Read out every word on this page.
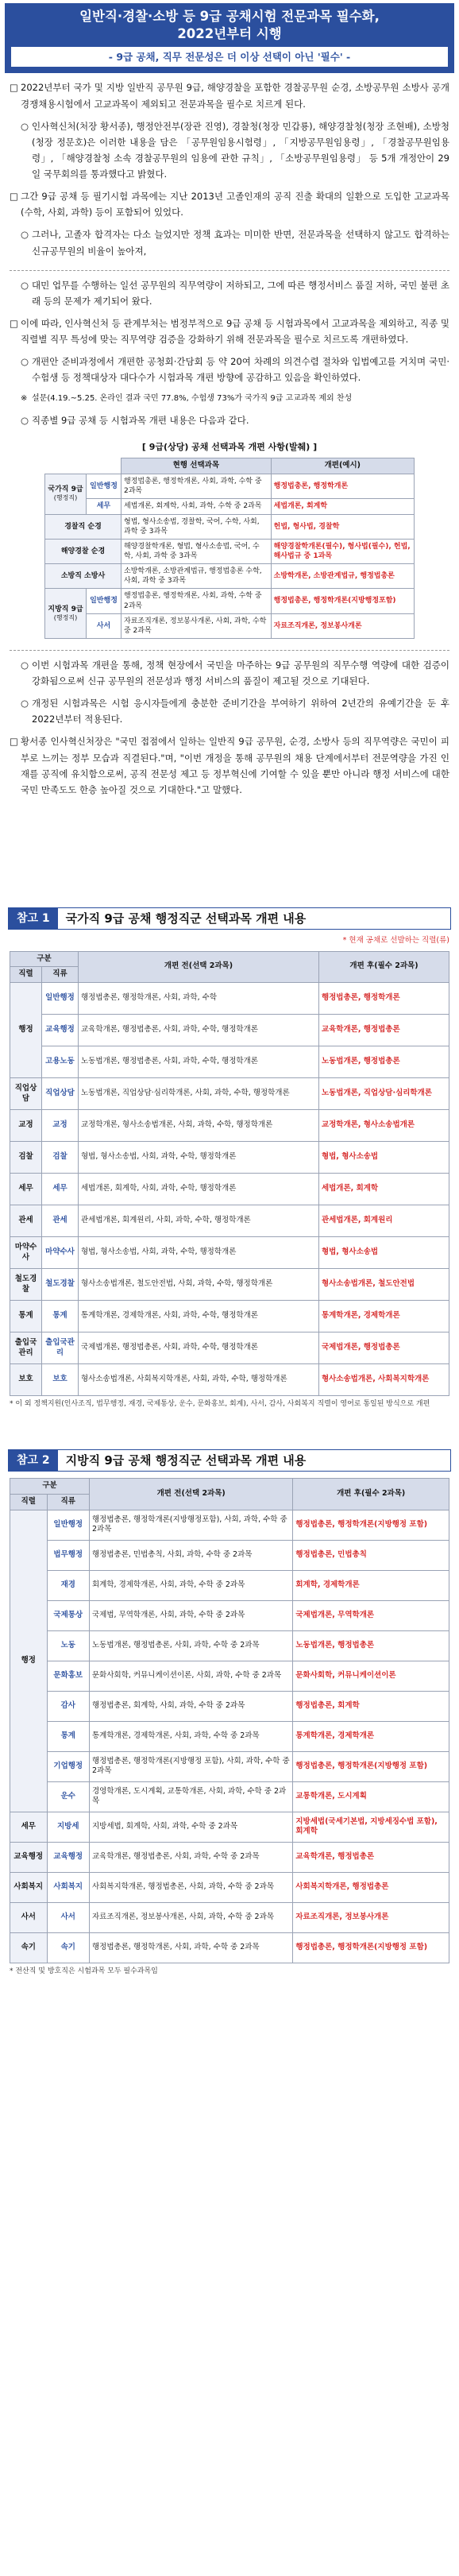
일반직·경찰·소방 등 9급 공채시험 전문과목 필수화,
2022년부터 시행
- 9급 공채, 직무 전문성은 더 이상 선택이 아닌 '필수' -
□ 2022년부터 국가 및 지방 일반직 공무원 9급, 해양경찰을 포함한 경찰공무원 순경, 소방공무원 소방사 공개경쟁채용시험에서 고교과목이 제외되고 전문과목을 필수로 치르게 된다.
○ 인사혁신처(처장 황서종), 행정안전부(장관 진영), 경찰청(청장 민갑룡), 해양경찰청(청장 조현배), 소방청(청장 정문호)은 이러한 내용을 담은 「공무원임용시험령」, 「지방공무원임용령」, 「경찰공무원임용령」, 「해양경찰청 소속 경찰공무원의 임용에 관한 규칙」, 「소방공무원임용령」 등 5개 개정안이 29일 국무회의를 통과했다고 밝혔다.
□ 그간 9급 공채 등 필기시험 과목에는 지난 2013년 고졸인재의 공직 진출 확대의 일환으로 도입한 고교과목(수학, 사회, 과학) 등이 포함되어 있었다.
○ 그러나, 고졸자 합격자는 다소 늘었지만 정책 효과는 미미한 반면, 전문과목을 선택하지 않고도 합격하는 신규공무원의 비율이 높아져,
○ 대민 업무를 수행하는 일선 공무원의 직무역량이 저하되고, 그에 따른 행정서비스 품질 저하, 국민 불편 초래 등의 문제가 제기되어 왔다.
□ 이에 따라, 인사혁신처 등 관계부처는 범정부적으로 9급 공채 등 시험과목에서 고교과목을 제외하고, 직종 및 직렬별 직무 특성에 맞는 직무역량 검증을 강화하기 위해 전문과목을 필수로 치르도록 개편하였다.
○ 개편안 준비과정에서 개편한 공청회·간담회 등 약 20여 차례의 의견수렴 절차와 입법예고를 거치며 국민·수험생 등 정책대상자 대다수가 시험과목 개편 방향에 공감하고 있음을 확인하였다.
※ 설문(4.19.~5.25. 온라인 결과 국민 77.8%, 수험생 73%가 국가직 9급 고교과목 제외 찬성
○ 직종별 9급 공채 등 시험과목 개편 내용은 다음과 같다.
[ 9급(상당) 공채 선택과목 개편 사항(발췌) ]
		현행 선택과목	개편(예시)

국가직 9급
(행정직)	일반행정	행정법총론, 행정학개론, 사회, 과학, 수학 중 2과목	행정법총론, 행정학개론
	세무	세법개론, 회계학, 사회, 과학, 수학 중 2과목	세법개론, 회계학

경찰직 순경		형법, 형사소송법, 경찰학, 국어, 수학, 사회, 과학 중 3과목	헌법, 형사법, 경찰학

해양경찰 순경		해양경찰학개론, 형법, 형사소송법, 국어, 수학, 사회, 과학 중 3과목	해양경찰학개론(필수), 형사법(필수), 헌법, 해사법규 중 1과목

소방직 소방사		소방학개론, 소방관계법규, 행정법총론 수학, 사회, 과학 중 3과목	소방학개론, 소방관계법규, 행정법총론

지방직 9급
(행정직)	일반행정	행정법총론, 행정학개론, 사회, 과학, 수학 중 2과목	행정법총론, 행정학개론(지방행정포함)
	사서	자료조직개론, 정보봉사개론, 사회, 과학, 수학 중 2과목	자료조직개론, 정보봉사개론
○ 이번 시험과목 개편을 통해, 정책 현장에서 국민을 마주하는 9급 공무원의 직무수행 역량에 대한 검증이 강화됨으로써 신규 공무원의 전문성과 행정 서비스의 품질이 제고될 것으로 기대된다.
○ 개정된 시험과목은 시험 응시자들에게 충분한 준비기간을 부여하기 위하여 2년간의 유예기간을 둔 후 2022년부터 적용된다.
□ 황서종 인사혁신처장은 "국민 접점에서 일하는 일반직 9급 공무원, 순경, 소방사 등의 직무역량은 국민이 피부로 느끼는 정부 모습과 직결된다."며, "이번 개정을 통해 공무원의 채용 단계에서부터 전문역량을 가진 인재를 공직에 유치함으로써, 공직 전문성 제고 등 정부혁신에 기여할 수 있을 뿐만 아니라 행정 서비스에 대한 국민 만족도도 한층 높아질 것으로 기대한다."고 말했다.
참고 1	국가직 9급 공채 행정직군 선택과목 개편 내용
* 현재 공채로 선발하는 직렬(류)
구분		개편 전(선택 2과목)	개편 후(필수 2과목)
직렬	직류		
행정	일반행정	행정법총론, 행정학개론, 사회, 과학, 수학	행정법총론, 행정학개론
	교육행정	교육학개론, 행정법총론, 사회, 과학, 수학, 행정학개론	교육학개론, 행정법총론
	고용노동	노동법개론, 행정법총론, 사회, 과학, 수학, 행정학개론	노동법개론, 행정법총론
직업상담	직업상담	노동법개론, 직업상담·심리학개론, 사회, 과학, 수학, 행정학개론	노동법개론, 직업상담·심리학개론
교정	교정	교정학개론, 형사소송법개론, 사회, 과학, 수학, 행정학개론	교정학개론, 형사소송법개론
검찰	검찰	형법, 형사소송법, 사회, 과학, 수학, 행정학개론	형법, 형사소송법
세무	세무	세법개론, 회계학, 사회, 과학, 수학, 행정학개론	세법개론, 회계학
관세	관세	관세법개론, 회계원리, 사회, 과학, 수학, 행정학개론	관세법개론, 회계원리
마약수사	마약수사	형법, 형사소송법, 사회, 과학, 수학, 행정학개론	형법, 형사소송법
철도경찰	철도경찰	형사소송법개론, 철도안전법, 사회, 과학, 수학, 행정학개론	형사소송법개론, 철도안전법
통계	통계	통계학개론, 경제학개론, 사회, 과학, 수학, 행정학개론	통계학개론, 경제학개론
출입국관리	출입국관리	국제법개론, 행정법총론, 사회, 과학, 수학, 행정학개론	국제법개론, 행정법총론
보호	보호	형사소송법개론, 사회복지학개론, 사회, 과학, 수학, 행정학개론	형사소송법개론, 사회복지학개론
* 이 외 정책지원(인사조직, 법무행정, 재경, 국제통상, 운수, 문화홍보, 회계), 사서, 감사, 사회복지 직렬이 영어로 통일된 방식으로 개편
참고 2	지방직 9급 공채 행정직군 선택과목 개편 내용
구분		개편 전(선택 2과목)	개편 후(필수 2과목)
직렬	직류		
행정	일반행정	행정법총론, 행정학개론(지방행정포함), 사회, 과학, 수학 중 2과목	행정법총론, 행정학개론(지방행정 포함)
	법무행정	행정법총론, 민법총칙, 사회, 과학, 수학 중 2과목	행정법총론, 민법총칙
	재경	회계학, 경제학개론, 사회, 과학, 수학 중 2과목	회계학, 경제학개론
	국제통상	국제법, 무역학개론, 사회, 과학, 수학 중 2과목	국제법개론, 무역학개론
	노동	노동법개론, 행정법총론, 사회, 과학, 수학 중 2과목	노동법개론, 행정법총론
	문화홍보	문화사회학, 커뮤니케이션이론, 사회, 과학, 수학 중 2과목	문화사회학, 커뮤니케이션이론
	감사	행정법총론, 회계학, 사회, 과학, 수학 중 2과목	행정법총론, 회계학
	통계	통계학개론, 경제학개론, 사회, 과학, 수학 중 2과목	통계학개론, 경제학개론
	기업행정	행정법총론, 행정학개론(지방행정 포함), 사회, 과학, 수학 중 2과목	행정법총론, 행정학개론(지방행정 포함)
	운수	경영학개론, 도시계획, 교통학개론, 사회, 과학, 수학 중 2과목	교통학개론, 도시계획
세무	지방세	지방세법, 회계학, 사회, 과학, 수학 중 2과목	지방세법(국세기본법, 지방세징수법 포함), 회계학
교육행정	교육행정	교육학개론, 행정법총론, 사회, 과학, 수학 중 2과목	교육학개론, 행정법총론
사회복지	사회복지	사회복지학개론, 행정법총론, 사회, 과학, 수학 중 2과목	사회복지학개론, 행정법총론
사서	사서	자료조직개론, 정보봉사개론, 사회, 과학, 수학 중 2과목	자료조직개론, 정보봉사개론
속기	속기	행정법총론, 행정학개론, 사회, 과학, 수학 중 2과목	행정법총론, 행정학개론(지방행정 포함)
* 전산직 및 방호직은 시험과목 모두 필수과목임
